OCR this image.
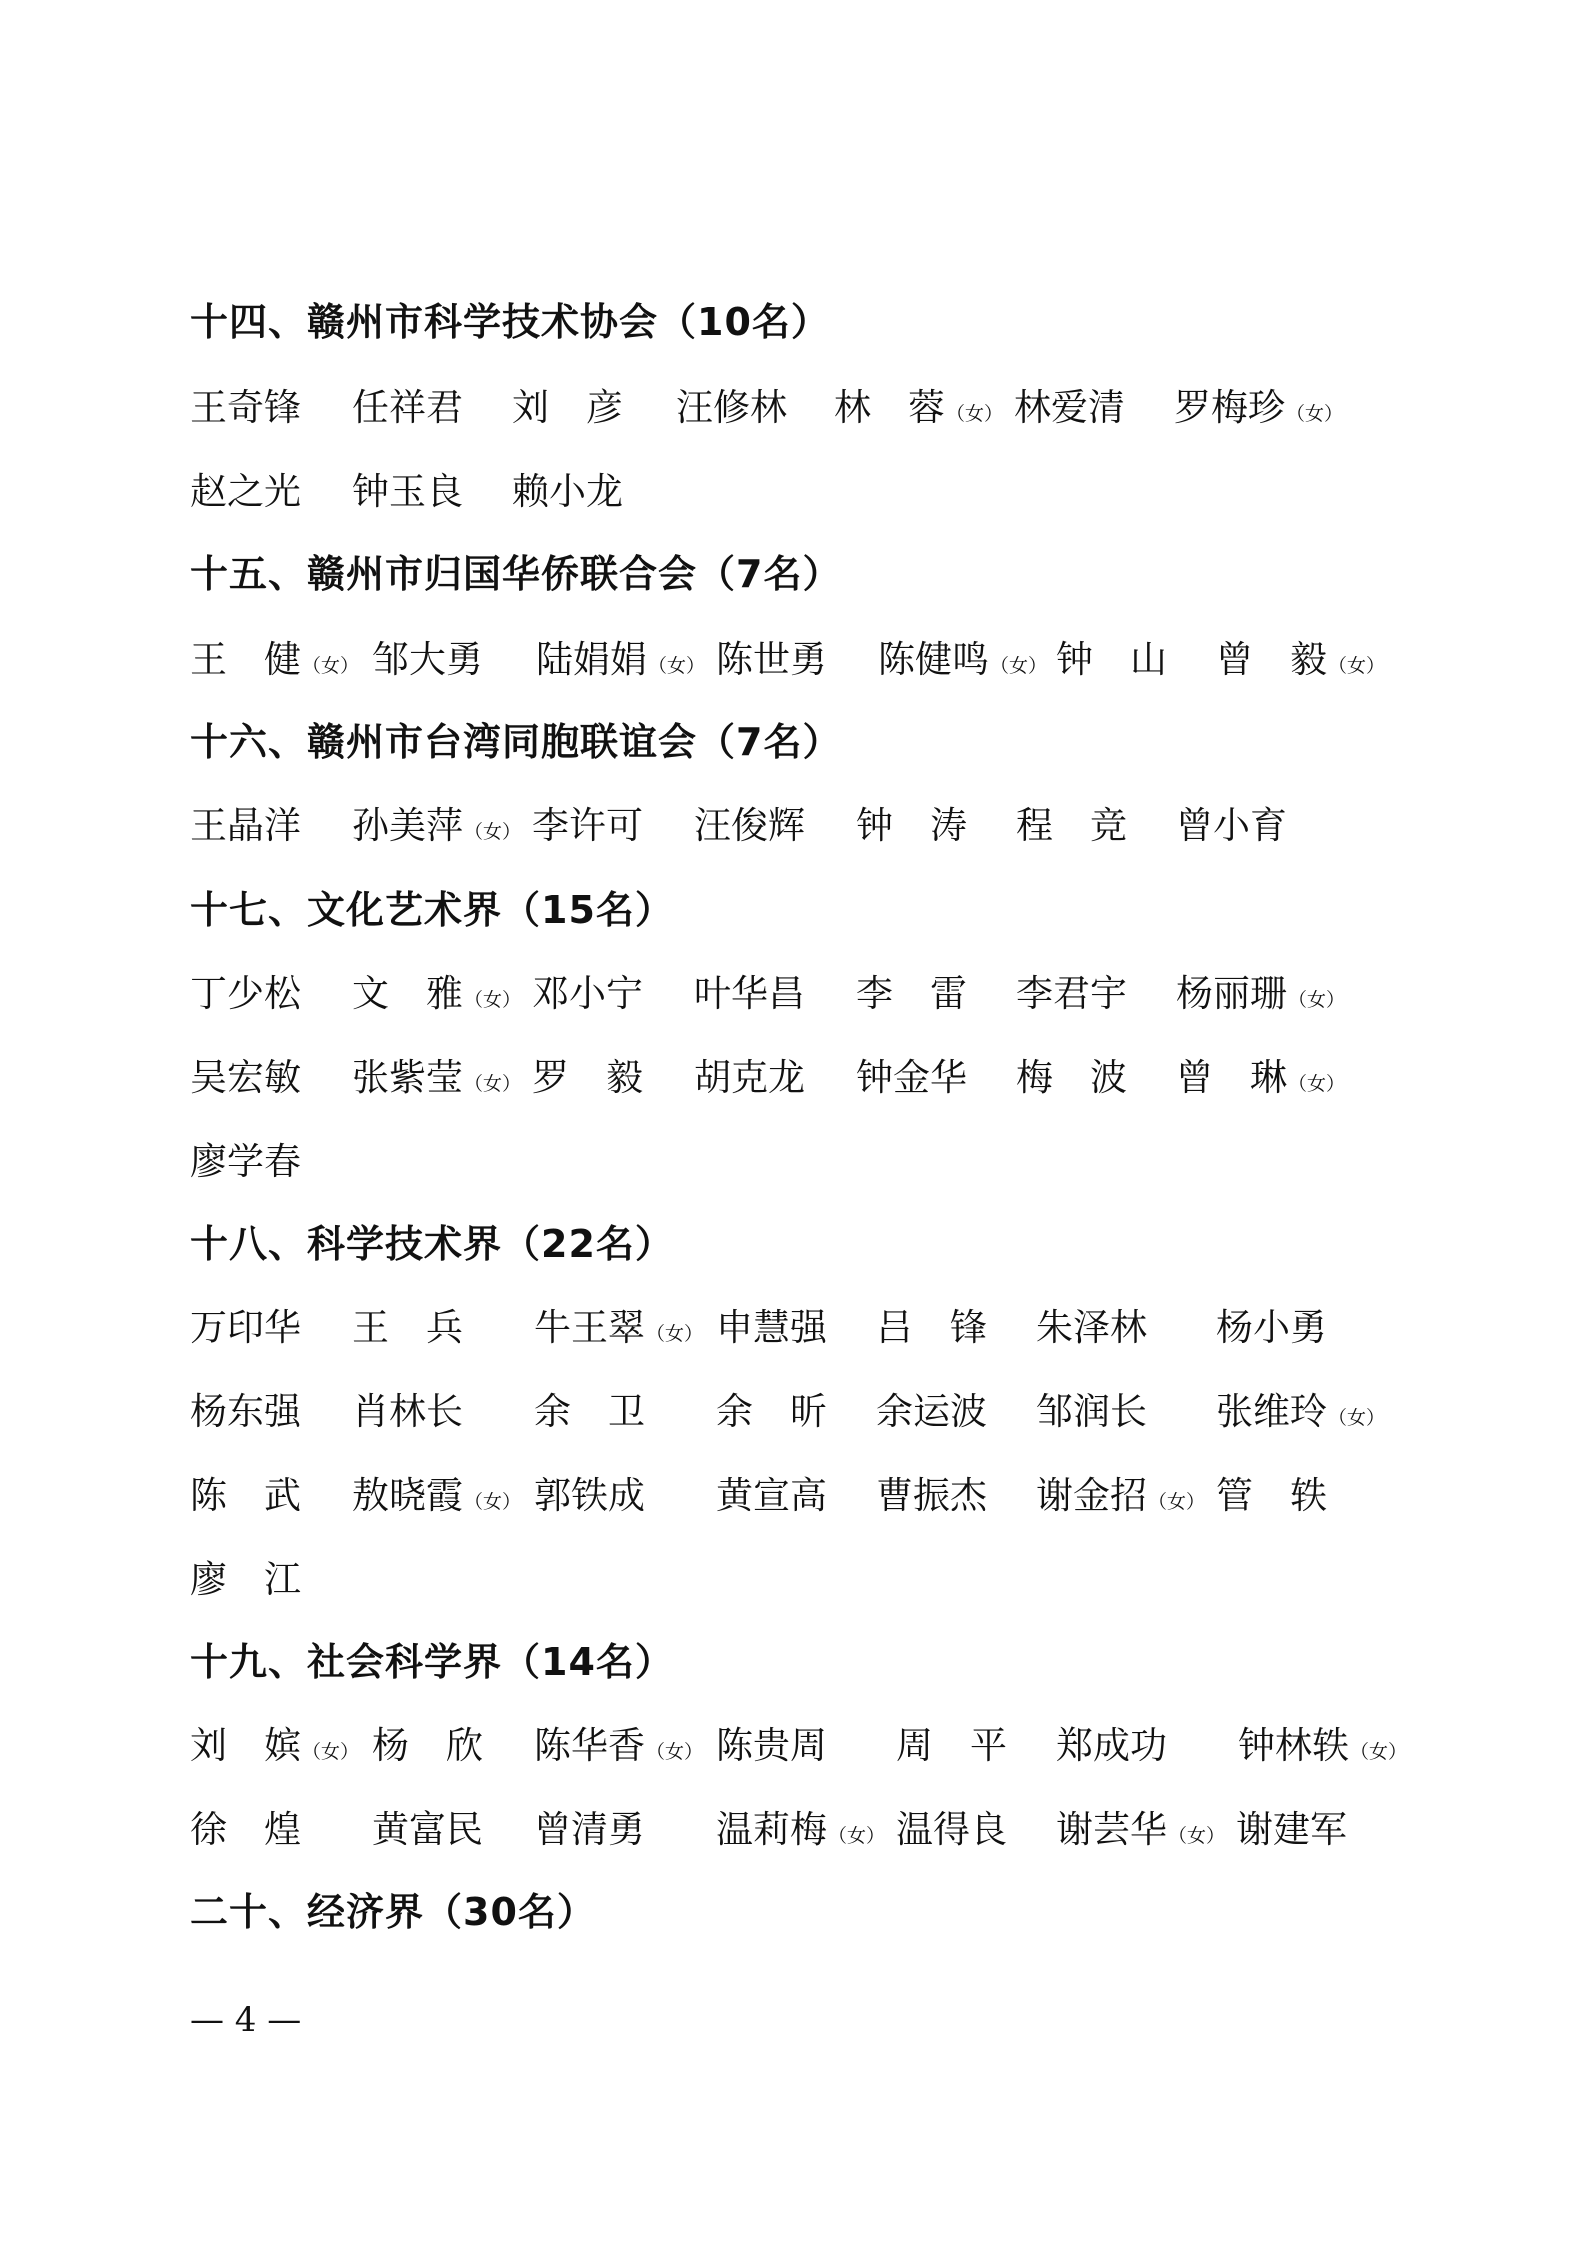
十四、赣州市科学技术协会（10名）
王奇锋 任祥君 刘　彦 汪修林 林　蓉（女） 林爱清 罗梅珍（女）
赵之光 钟玉良 赖小龙
十五、赣州市归国华侨联合会（7名）
王　健（女） 邹大勇 陆娟娟（女） 陈世勇 陈健鸣（女） 钟　山 曾　毅（女）
十六、赣州市台湾同胞联谊会（7名）
王晶洋 孙美萍（女） 李许可 汪俊辉 钟　涛 程　竞 曾小育
十七、文化艺术界（15名）
丁少松 文　雅（女） 邓小宁 叶华昌 李　雷 李君宇 杨丽珊（女）
吴宏敏 张紫莹（女） 罗　毅 胡克龙 钟金华 梅　波 曾　琳（女）
廖学春
十八、科学技术界（22名）
万印华 王　兵 牛王翠（女） 申慧强 吕　锋 朱泽林 杨小勇
杨东强 肖林长 余　卫 余　昕 余运波 邹润长 张维玲（女）
陈　武 敖晓霞（女） 郭铁成 黄宣高 曹振杰 谢金招（女） 管　轶
廖　江
十九、社会科学界（14名）
刘　嫔（女） 杨　欣 陈华香（女） 陈贵周 周　平 郑成功 钟林轶（女）
徐　煌 黄富民 曾清勇 温莉梅（女） 温得良 谢芸华（女） 谢建军
二十、经济界（30名）
— 4 —
